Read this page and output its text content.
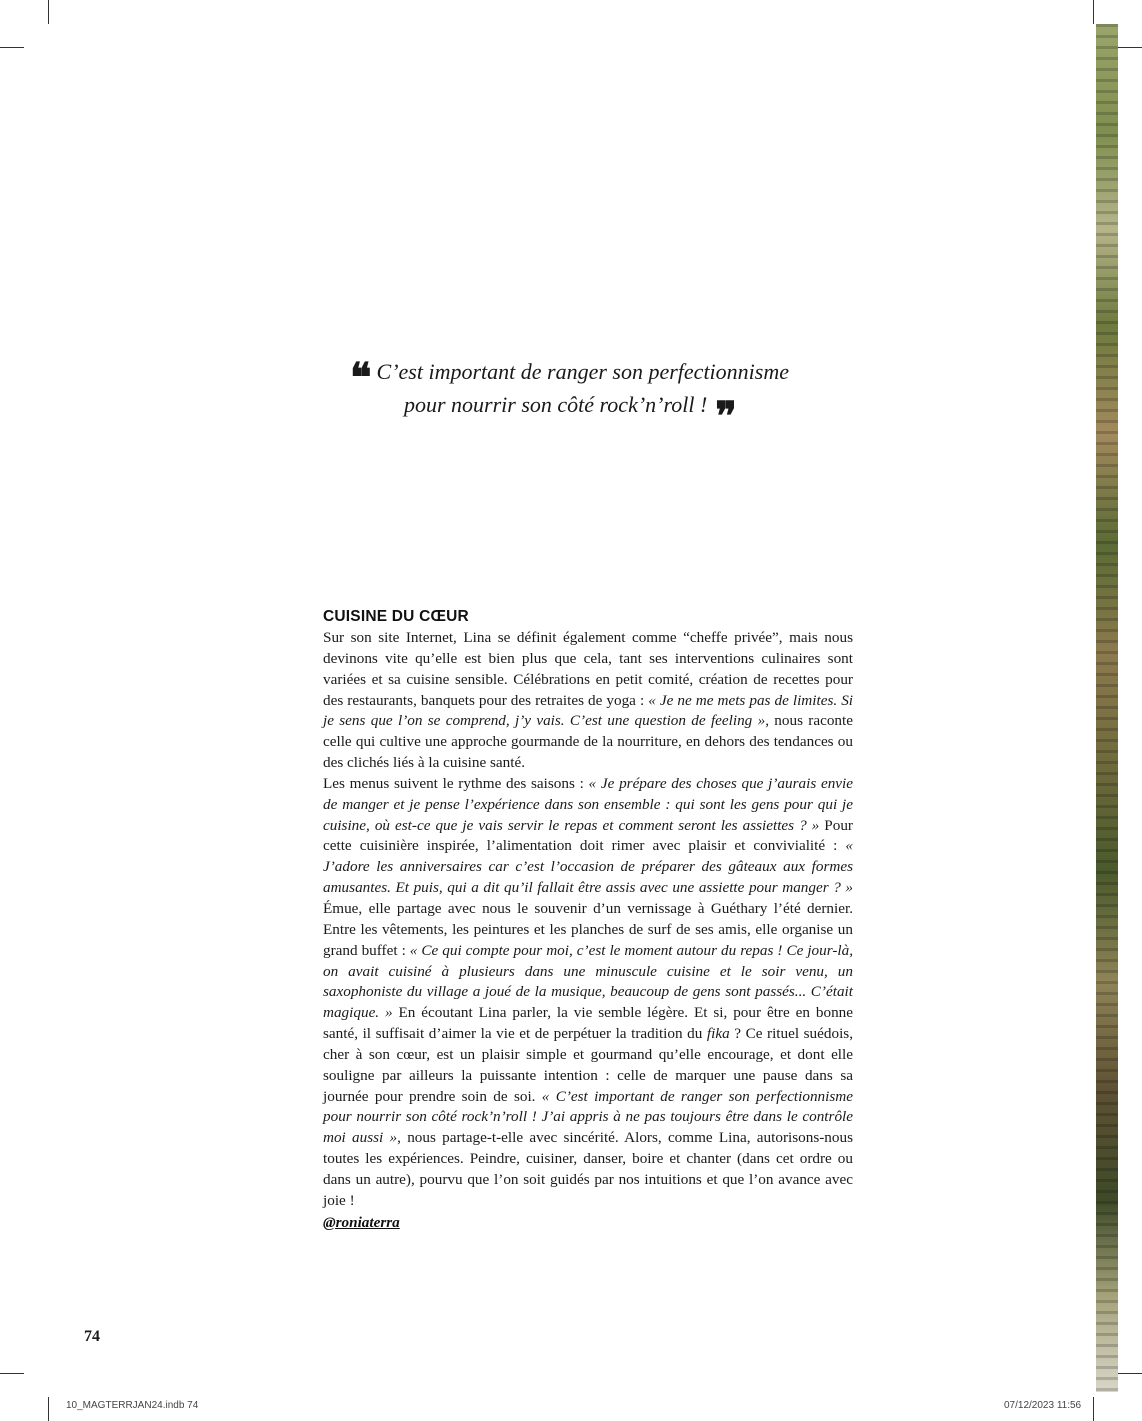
❝ C’est important de ranger son perfectionnisme
pour nourrir son côté rock’n’roll ! ❞
CUISINE DU CŒUR

Sur son site Internet, Lina se définit également comme “cheffe privée”, mais nous devinons vite qu’elle est bien plus que cela, tant ses interventions culinaires sont variées et sa cuisine sensible. Célébrations en petit comité, création de recettes pour des restaurants, banquets pour des retraites de yoga : « Je ne me mets pas de limites. Si je sens que l’on se comprend, j’y vais. C’est une question de feeling », nous raconte celle qui cultive une approche gourmande de la nourriture, en dehors des tendances ou des clichés liés à la cuisine santé.

Les menus suivent le rythme des saisons : « Je prépare des choses que j’aurais envie de manger et je pense l’expérience dans son ensemble : qui sont les gens pour qui je cuisine, où est-ce que je vais servir le repas et comment seront les assiettes ? » Pour cette cuisinière inspirée, l’alimentation doit rimer avec plaisir et convivialité : « J’adore les anniversaires car c’est l’occasion de préparer des gâteaux aux formes amusantes. Et puis, qui a dit qu’il fallait être assis avec une assiette pour manger ? » Émue, elle partage avec nous le souvenir d’un vernissage à Guéthary l’été dernier. Entre les vêtements, les peintures et les planches de surf de ses amis, elle organise un grand buffet : « Ce qui compte pour moi, c’est le moment autour du repas ! Ce jour-là, on avait cuisiné à plusieurs dans une minuscule cuisine et le soir venu, un saxophoniste du village a joué de la musique, beaucoup de gens sont passés... C’était magique. » En écoutant Lina parler, la vie semble légère. Et si, pour être en bonne santé, il suffisait d’aimer la vie et de perpétuer la tradition du fika ? Ce rituel suédois, cher à son cœur, est un plaisir simple et gourmand qu’elle encourage, et dont elle souligne par ailleurs la puissante intention : celle de marquer une pause dans sa journée pour prendre soin de soi. « C’est important de ranger son perfectionnisme pour nourrir son côté rock’n’roll ! J’ai appris à ne pas toujours être dans le contrôle moi aussi », nous partage-t-elle avec sincérité. Alors, comme Lina, autorisons-nous toutes les expériences. Peindre, cuisiner, danser, boire et chanter (dans cet ordre ou dans un autre), pourvu que l’on soit guidés par nos intuitions et que l’on avance avec joie !

@roniaterra
74
10_MAGTERRJAN24.indb 74	07/12/2023 11:56
